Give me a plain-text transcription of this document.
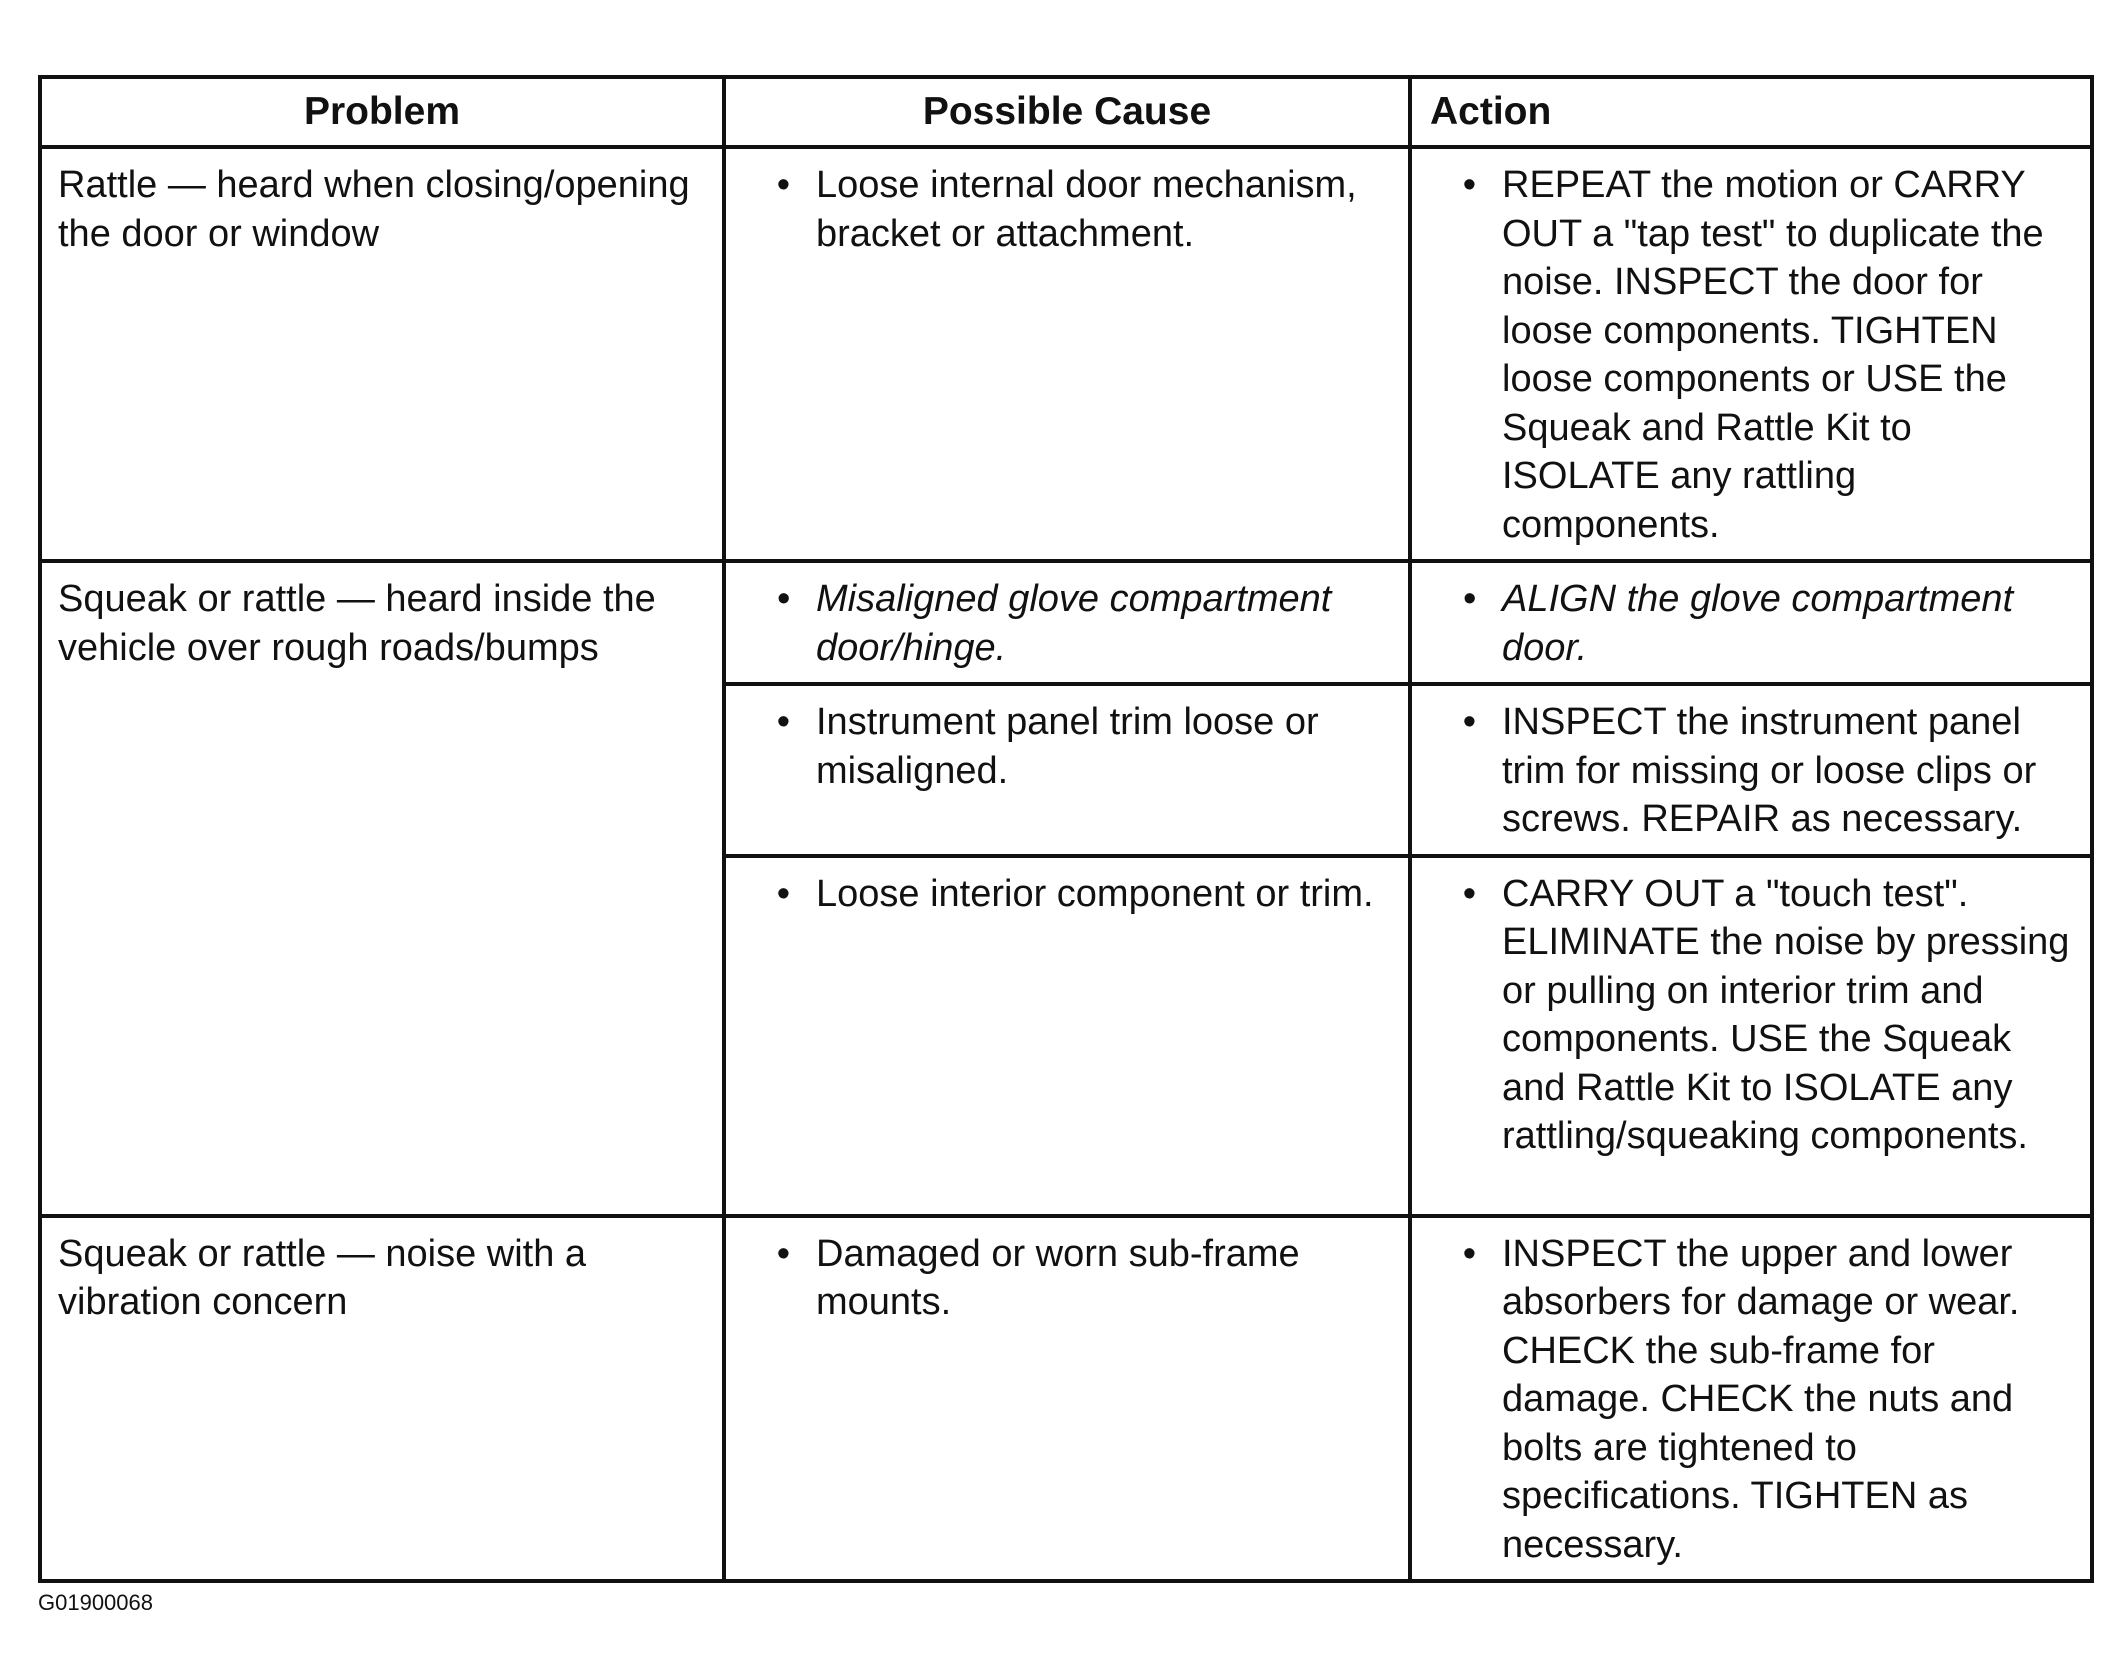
Problem	Possible Cause	Action

Rattle — heard when closing/opening the door or window	• Loose internal door mechanism, bracket or attachment.	• REPEAT the motion or CARRY OUT a "tap test" to duplicate the noise. INSPECT the door for loose components. TIGHTEN loose components or USE the Squeak and Rattle Kit to ISOLATE any rattling components.

Squeak or rattle — heard inside the vehicle over rough roads/bumps	• Misaligned glove compartment door/hinge.	• ALIGN the glove compartment door.

	• Instrument panel trim loose or misaligned.	• INSPECT the instrument panel trim for missing or loose clips or screws. REPAIR as necessary.

	• Loose interior component or trim.	• CARRY OUT a "touch test". ELIMINATE the noise by pressing or pulling on interior trim and components. USE the Squeak and Rattle Kit to ISOLATE any rattling/squeaking components.

Squeak or rattle — noise with a vibration concern	• Damaged or worn sub-frame mounts.	• INSPECT the upper and lower absorbers for damage or wear. CHECK the sub-frame for damage. CHECK the nuts and bolts are tightened to specifications. TIGHTEN as necessary.
G01900068
